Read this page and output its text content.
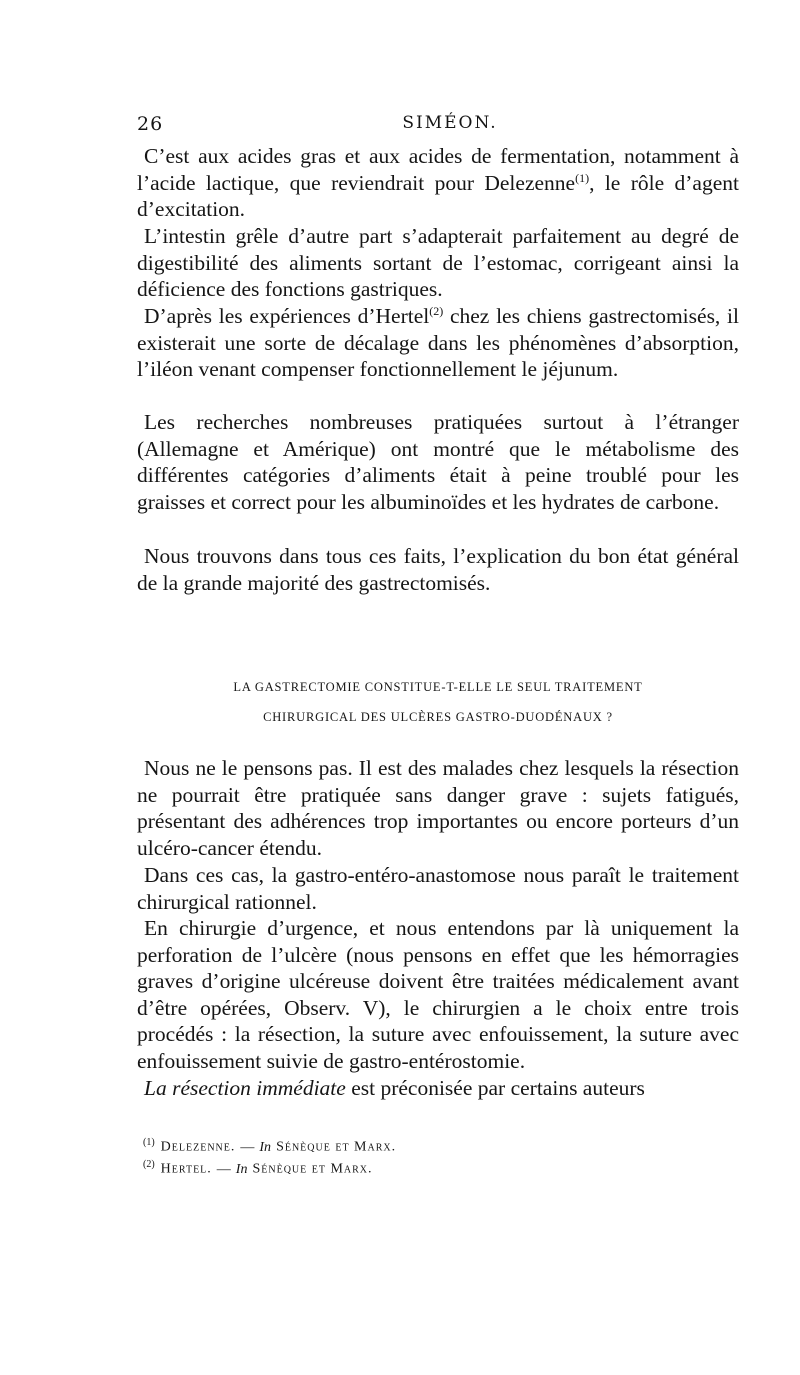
26	SIMÉON.

C’est aux acides gras et aux acides de fermentation, notamment à l’acide lactique, que reviendrait pour Delezenne$^{(1)}$, le rôle d’agent d’excitation.

L’intestin grêle d’autre part s’adapterait parfaitement au degré de digestibilité des aliments sortant de l’estomac, corrigeant ainsi la déficience des fonctions gastriques.

D’après les expériences d’Hertel$^{(2)}$ chez les chiens gastrectomisés, il existerait une sorte de décalage dans les phénomènes d’absorption, l’iléon venant compenser fonctionnellement le jéjunum.

Les recherches nombreuses pratiquées surtout à l’étranger (Allemagne et Amérique) ont montré que le métabolisme des différentes catégories d’aliments était à peine troublé pour les graisses et correct pour les albuminoïdes et les hydrates de carbone.

Nous trouvons dans tous ces faits, l’explication du bon état général de la grande majorité des gastrectomisés.

LA GASTRECTOMIE CONSTITUE-T-ELLE LE SEUL TRAITEMENT
CHIRURGICAL DES ULCÈRES GASTRO-DUODÉNAUX ?

Nous ne le pensons pas. Il est des malades chez lesquels la résection ne pourrait être pratiquée sans danger grave : sujets fatigués, présentant des adhérences trop importantes ou encore porteurs d’un ulcéro-cancer étendu.

Dans ces cas, la gastro-entéro-anastomose nous paraît le traitement chirurgical rationnel.

En chirurgie d’urgence, et nous entendons par là uniquement la perforation de l’ulcère (nous pensons en effet que les hémorragies graves d’origine ulcéreuse doivent être traitées médicalement avant d’être opérées, Observ. V), le chirurgien a le choix entre trois procédés : la résection, la suture avec enfouissement, la suture avec enfouissement suivie de gastro-entérostomie.

La résection immédiate est préconisée par certains auteurs

$^{(1)}$ Delezenne. — In Sénèque et Marx.
$^{(2)}$ Hertel. — In Sénèque et Marx.
